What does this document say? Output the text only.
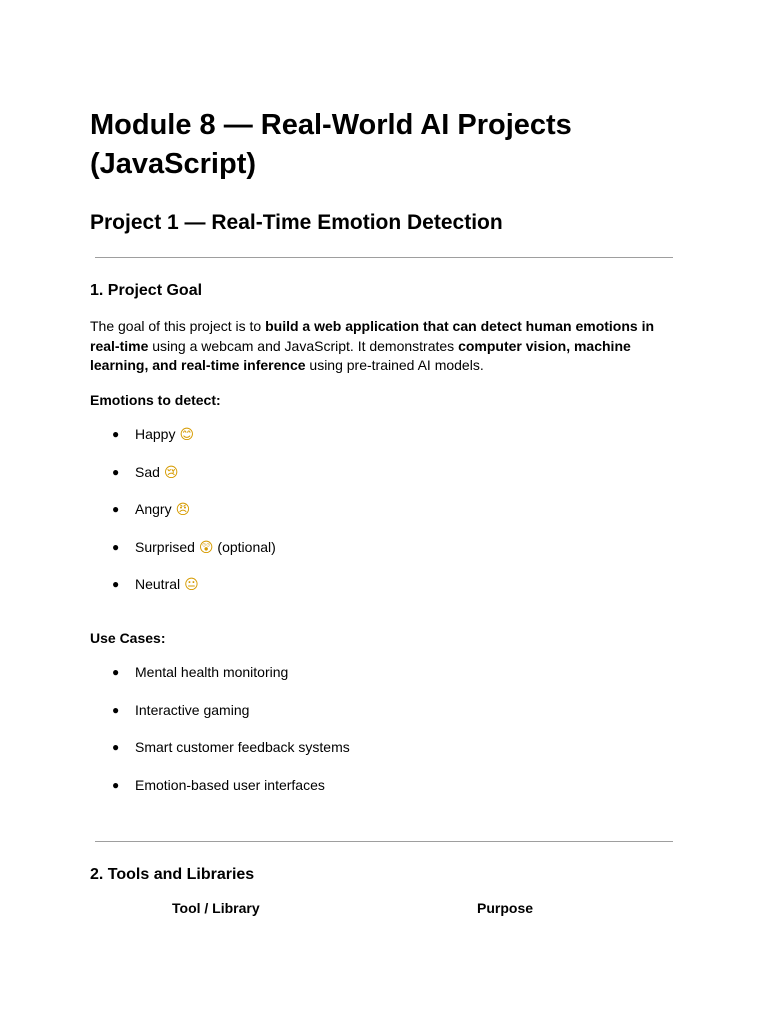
Module 8 — Real-World AI Projects (JavaScript)
Project 1 — Real-Time Emotion Detection
1. Project Goal

The goal of this project is to build a web application that can detect human emotions in real-time using a webcam and JavaScript. It demonstrates computer vision, machine learning, and real-time inference using pre-trained AI models.

Emotions to detect:
● Happy 😊
● Sad 😢
● Angry 😠
● Surprised 😲 (optional)
● Neutral 😐
Use Cases:
● Mental health monitoring
● Interactive gaming
● Smart customer feedback systems
● Emotion-based user interfaces
2. Tools and Libraries
Tool / Library	Purpose
